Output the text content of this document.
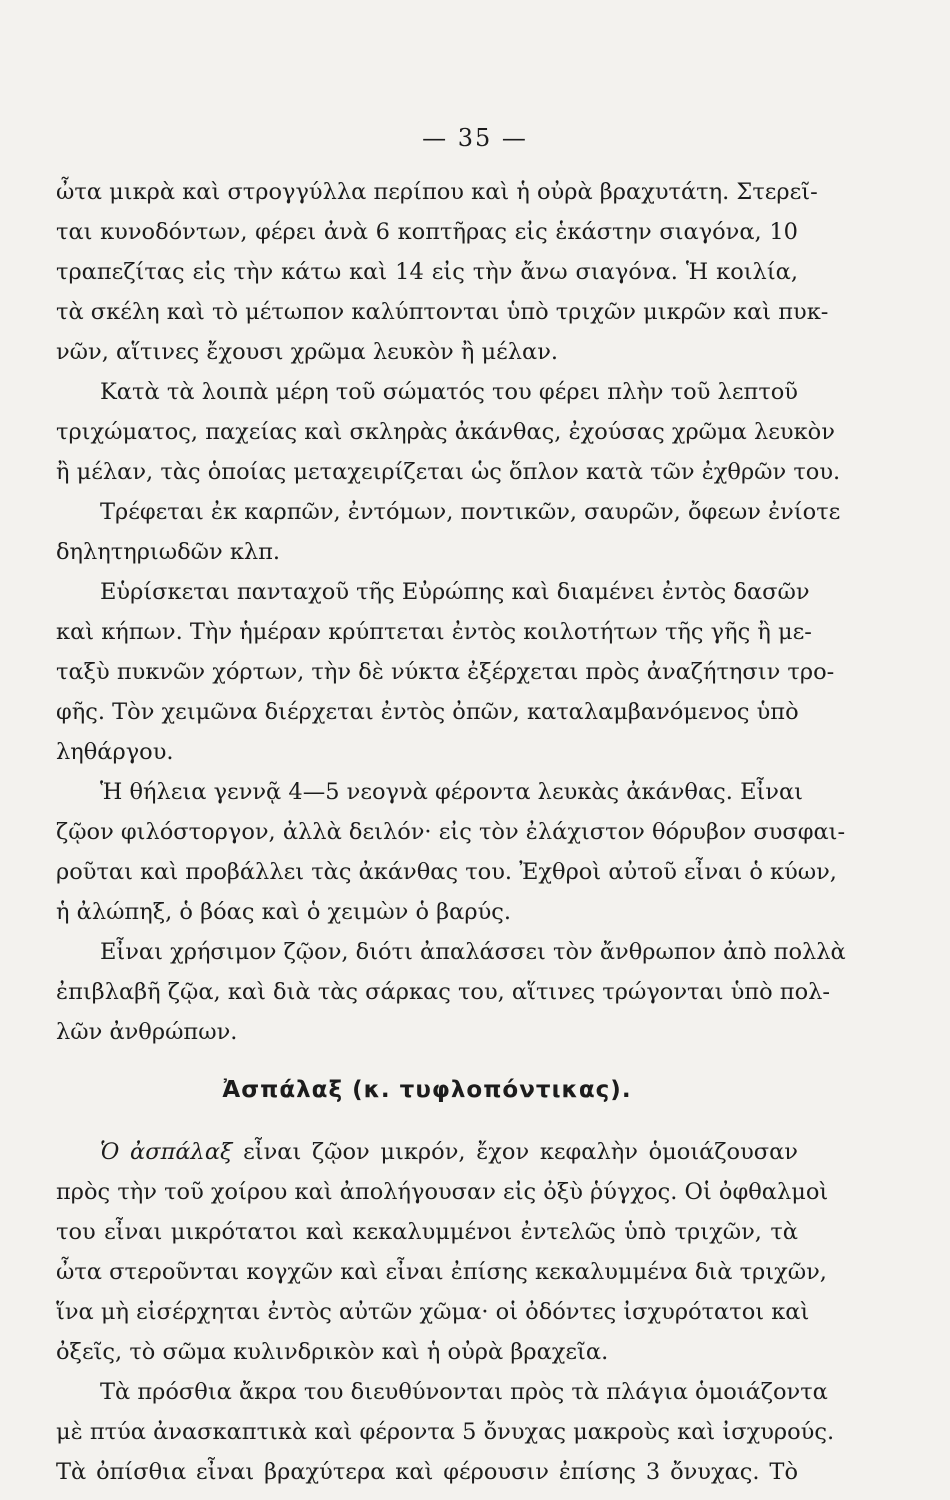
— 35 —
ὦτα μικρὰ καὶ στρογγύλλα περίπου καὶ ἡ οὐρὰ βραχυτάτη. Στερεῖ-
ται κυνοδόντων, φέρει ἀνὰ 6 κοπτῆρας εἰς ἑκάστην σιαγόνα, 10
τραπεζίτας εἰς τὴν κάτω καὶ 14 εἰς τὴν ἄνω σιαγόνα. Ἡ κοιλία,
τὰ σκέλη καὶ τὸ μέτωπον καλύπτονται ὑπὸ τριχῶν μικρῶν καὶ πυκ-
νῶν, αἵτινες ἔχουσι χρῶμα λευκὸν ἢ μέλαν.
Κατὰ τὰ λοιπὰ μέρη τοῦ σώματός του φέρει πλὴν τοῦ λεπτοῦ
τριχώματος, παχείας καὶ σκληρὰς ἀκάνθας, ἐχούσας χρῶμα λευκὸν
ἢ μέλαν, τὰς ὁποίας μεταχειρίζεται ὡς ὅπλον κατὰ τῶν ἐχθρῶν του.
Τρέφεται ἐκ καρπῶν, ἐντόμων, ποντικῶν, σαυρῶν, ὄφεων ἐνίοτε
δηλητηριωδῶν κλπ.
Εὑρίσκεται πανταχοῦ τῆς Εὐρώπης καὶ διαμένει ἐντὸς δασῶν
καὶ κήπων. Τὴν ἡμέραν κρύπτεται ἐντὸς κοιλοτήτων τῆς γῆς ἢ με-
ταξὺ πυκνῶν χόρτων, τὴν δὲ νύκτα ἐξέρχεται πρὸς ἀναζήτησιν τρο-
φῆς. Τὸν χειμῶνα διέρχεται ἐντὸς ὀπῶν, καταλαμβανόμενος ὑπὸ
ληθάργου.
Ἡ θήλεια γεννᾷ 4—5 νεογνὰ φέροντα λευκὰς ἀκάνθας. Εἶναι
ζῷον φιλόστοργον, ἀλλὰ δειλόν· εἰς τὸν ἐλάχιστον θόρυβον συσφαι-
ροῦται καὶ προβάλλει τὰς ἀκάνθας του. Ἐχθροὶ αὐτοῦ εἶναι ὁ κύων,
ἡ ἀλώπηξ, ὁ βόας καὶ ὁ χειμὼν ὁ βαρύς.
Εἶναι χρήσιμον ζῷον, διότι ἀπαλάσσει τὸν ἄνθρωπον ἀπὸ πολλὰ
ἐπιβλαβῆ ζῷα, καὶ διὰ τὰς σάρκας του, αἵτινες τρώγονται ὑπὸ πολ-
λῶν ἀνθρώπων.
Ἀσπάλαξ (κ. τυφλοπόντικας).
Ὁ ἀσπάλαξ εἶναι ζῷον μικρόν, ἔχον κεφαλὴν ὁμοιάζουσαν
πρὸς τὴν τοῦ χοίρου καὶ ἀπολήγουσαν εἰς ὀξὺ ῥύγχος. Οἱ ὀφθαλμοὶ
του εἶναι μικρότατοι καὶ κεκαλυμμένοι ἐντελῶς ὑπὸ τριχῶν, τὰ
ὦτα στεροῦνται κογχῶν καὶ εἶναι ἐπίσης κεκαλυμμένα διὰ τριχῶν,
ἵνα μὴ εἰσέρχηται ἐντὸς αὐτῶν χῶμα· οἱ ὀδόντες ἰσχυρότατοι καὶ
ὀξεῖς, τὸ σῶμα κυλινδρικὸν καὶ ἡ οὐρὰ βραχεῖα.
Τὰ πρόσθια ἄκρα του διευθύνονται πρὸς τὰ πλάγια ὁμοιάζοντα
μὲ πτύα ἀνασκαπτικὰ καὶ φέροντα 5 ὄνυχας μακροὺς καὶ ἰσχυρούς.
Τὰ ὀπίσθια εἶναι βραχύτερα καὶ φέρουσιν ἐπίσης 3 ὄνυχας. Τὸ
